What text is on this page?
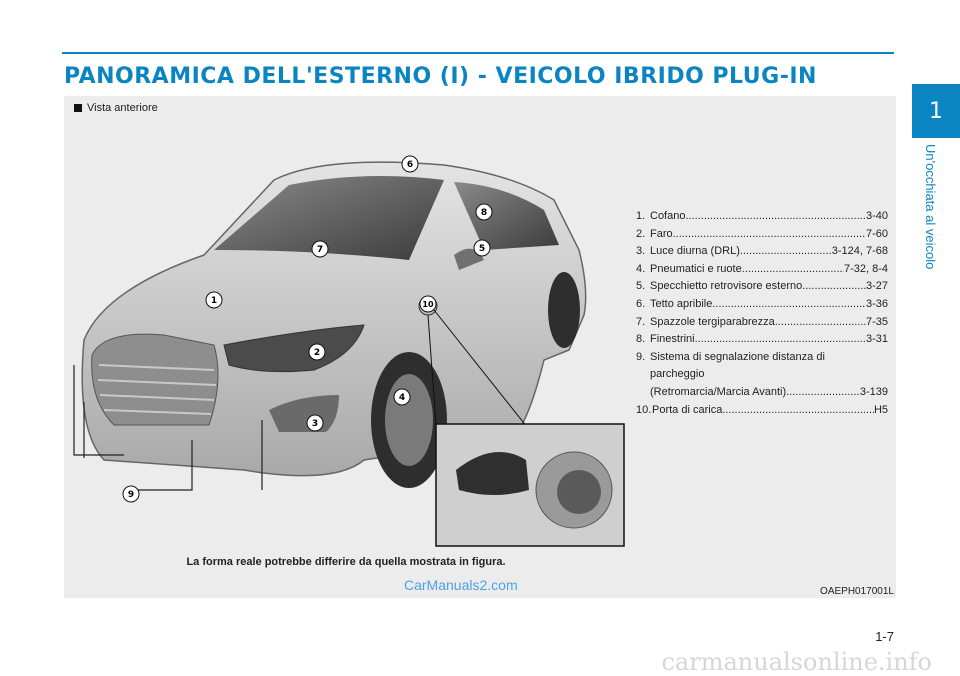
PANORAMICA DELL'ESTERNO (I) - VEICOLO IBRIDO PLUG-IN
1
Un'occhiata al veicolo
Vista anteriore
1
2
3
4
5
6
7
8
9
10
1. Cofano .....	3-40
2. Faro .....	7-60
3. Luce diurna (DRL) .....	3-124, 7-68
4. Pneumatici e ruote .....	7-32, 8-4
5. Specchietto retrovisore esterno .....	3-27
6. Tetto apribile .....	3-36
7. Spazzole tergiparabrezza .....	7-35
8. Finestrini .....	3-31
9. Sistema di segnalazione distanza di
parcheggio
(Retromarcia/Marcia Avanti) .....	3-139
10. Porta di carica .....	H5
La forma reale potrebbe differire da quella mostrata in figura.
CarManuals2.com	OAEPH017001L
1-7
carmanualsonline.info
